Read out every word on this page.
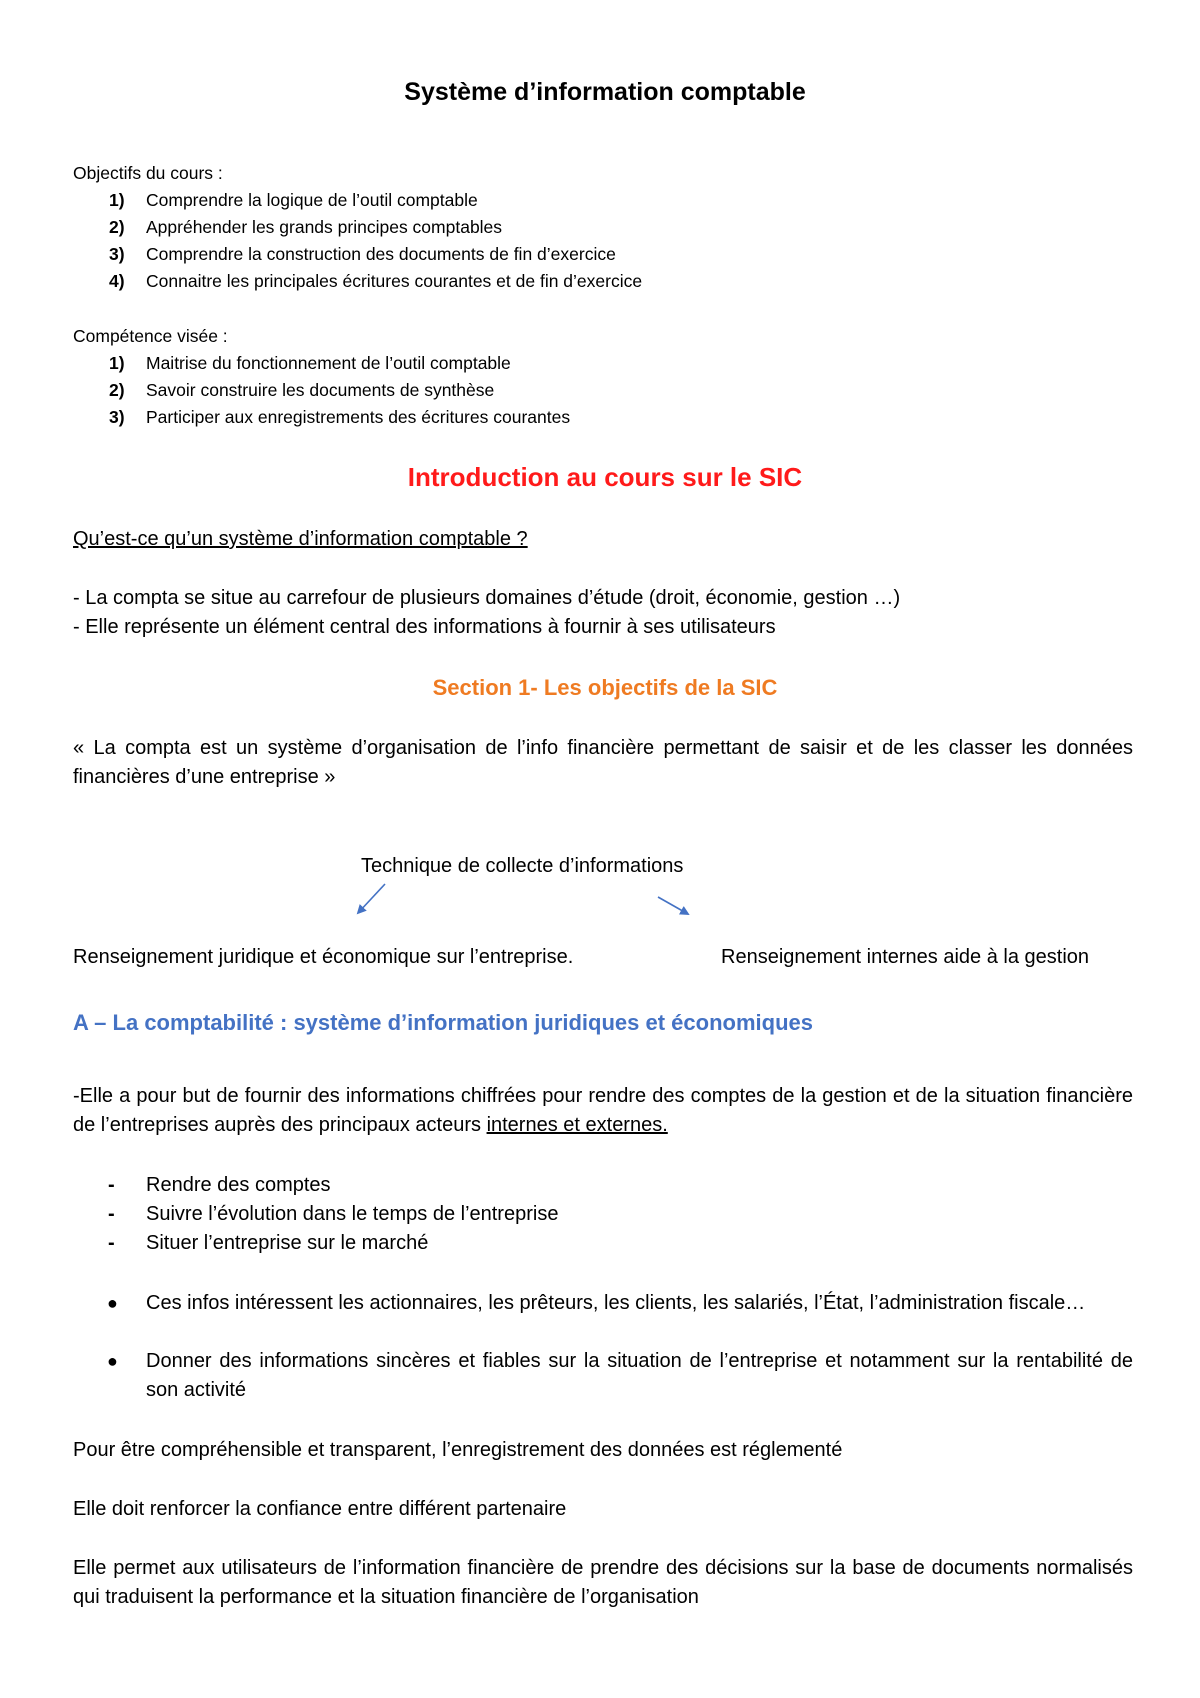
Système d’information comptable
Objectifs du cours :
1) Comprendre la logique de l’outil comptable
2) Appréhender les grands principes comptables
3) Comprendre la construction des documents de fin d’exercice
4) Connaitre les principales écritures courantes et de fin d’exercice
Compétence visée :
1) Maitrise du fonctionnement de l’outil comptable
2) Savoir construire les documents de synthèse
3) Participer aux enregistrements des écritures courantes
Introduction au cours sur le SIC
Qu’est-ce qu’un système d’information comptable ?
- La compta se situe au carrefour de plusieurs domaines d’étude (droit, économie, gestion …)
- Elle représente un élément central des informations à fournir à ses utilisateurs
Section 1- Les objectifs de la SIC
« La compta est un système d’organisation de l’info financière permettant de saisir et de les classer les données financières d’une entreprise »
Technique de collecte d’informations
Renseignement juridique et économique sur l’entreprise.	Renseignement internes aide à la gestion
A – La comptabilité : système d’information juridiques et économiques
-Elle a pour but de fournir des informations chiffrées pour rendre des comptes de la gestion et de la situation financière de l’entreprises auprès des principaux acteurs internes et externes.
- Rendre des comptes
- Suivre l’évolution dans le temps de l’entreprise
- Situer l’entreprise sur le marché
● Ces infos intéressent les actionnaires, les prêteurs, les clients, les salariés, l’État, l’administration fiscale…
● Donner des informations sincères et fiables sur la situation de l’entreprise et notamment sur la rentabilité de son activité
Pour être compréhensible et transparent, l’enregistrement des données est réglementé
Elle doit renforcer la confiance entre différent partenaire
Elle permet aux utilisateurs de l’information financière de prendre des décisions sur la base de documents normalisés qui traduisent la performance et la situation financière de l’organisation
